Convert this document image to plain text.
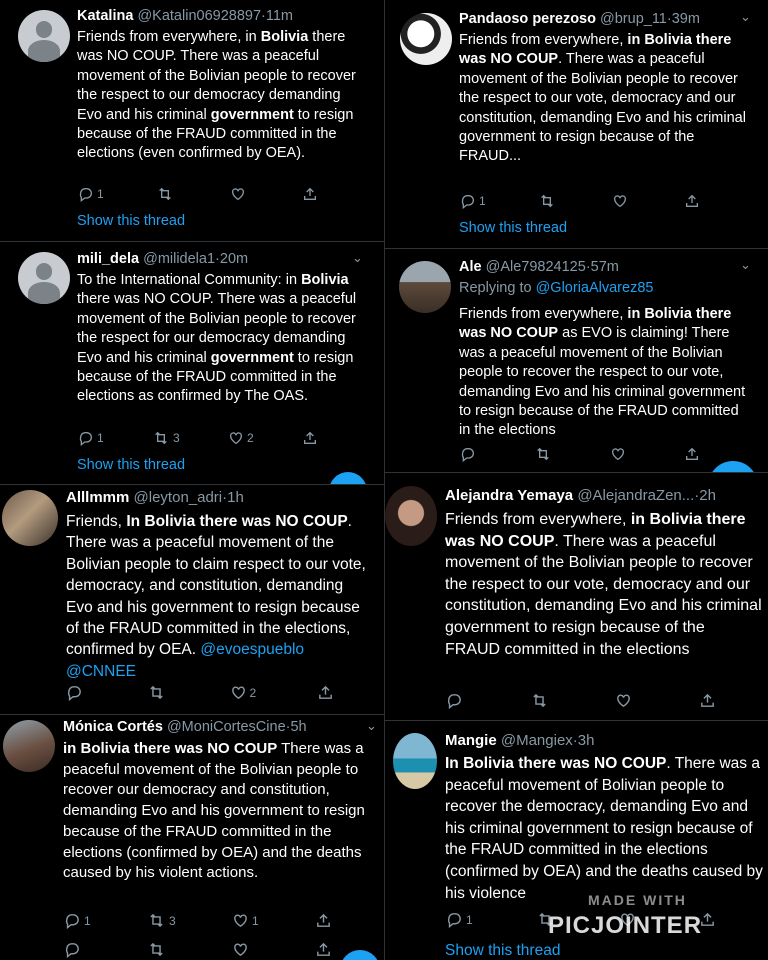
Katalina @Katalin06928897·11m
Friends from everywhere, in Bolivia there was NO COUP. There was a peaceful movement of the Bolivian people to recover the respect to our democracy demanding Evo and his criminal government to resign because of the FRAUD committed in the elections (even confirmed by OEA).
1
Show this thread
mili_dela @milidela1·20m	⌄
To the International Community: in Bolivia there was NO COUP. There was a peaceful movement of the Bolivian people to recover the respect for our democracy demanding Evo and his criminal government to resign because of the FRAUD committed in the elections as confirmed by The OAS.
1	3	2
Show this thread
Alllmmm @leyton_adri·1h
Friends, In Bolivia there was NO COUP. There was a peaceful movement of the Bolivian people to claim respect to our vote, democracy, and constitution, demanding Evo and his government to resign because of the FRAUD committed in the elections, confirmed by OEA. @evoespueblo @CNNEE
2
Mónica Cortés @MoniCortesCine·5h	⌄
in Bolivia there was NO COUP There was a peaceful movement of the Bolivian people to recover our democracy and constitution, demanding Evo and his government to resign because of the FRAUD committed in the elections (confirmed by OEA) and the deaths caused by his violent actions.
1	3	1
Pandaoso perezoso @brup_11·39m	⌄
Friends from everywhere, in Bolivia there was NO COUP. There was a peaceful movement of the Bolivian people to recover the respect to our vote, democracy and our constitution, demanding Evo and his criminal government to resign because of the FRAUD...
1
Show this thread
Ale @Ale79824125·57m	⌄
Replying to @GloriaAlvarez85
Friends from everywhere, in Bolivia there was NO COUP as EVO is claiming! There was a peaceful movement of the Bolivian people to recover the respect to our vote, demanding Evo and his criminal government to resign because of the FRAUD committed in the elections
Alejandra Yemaya @AlejandraZen...·2h
Friends from everywhere, in Bolivia there was NO COUP. There was a peaceful movement of the Bolivian people to recover the respect to our vote, democracy and our constitution, demanding Evo and his criminal government to resign because of the FRAUD committed in the elections
Mangie @Mangiex·3h
In Bolivia there was NO COUP. There was a peaceful movement of Bolivian people to recover the democracy, demanding Evo and his criminal government to resign because of the FRAUD committed in the elections (confirmed by OEA) and the deaths caused by his violence
1
Show this thread
MADE WITH
PICJOINTER
